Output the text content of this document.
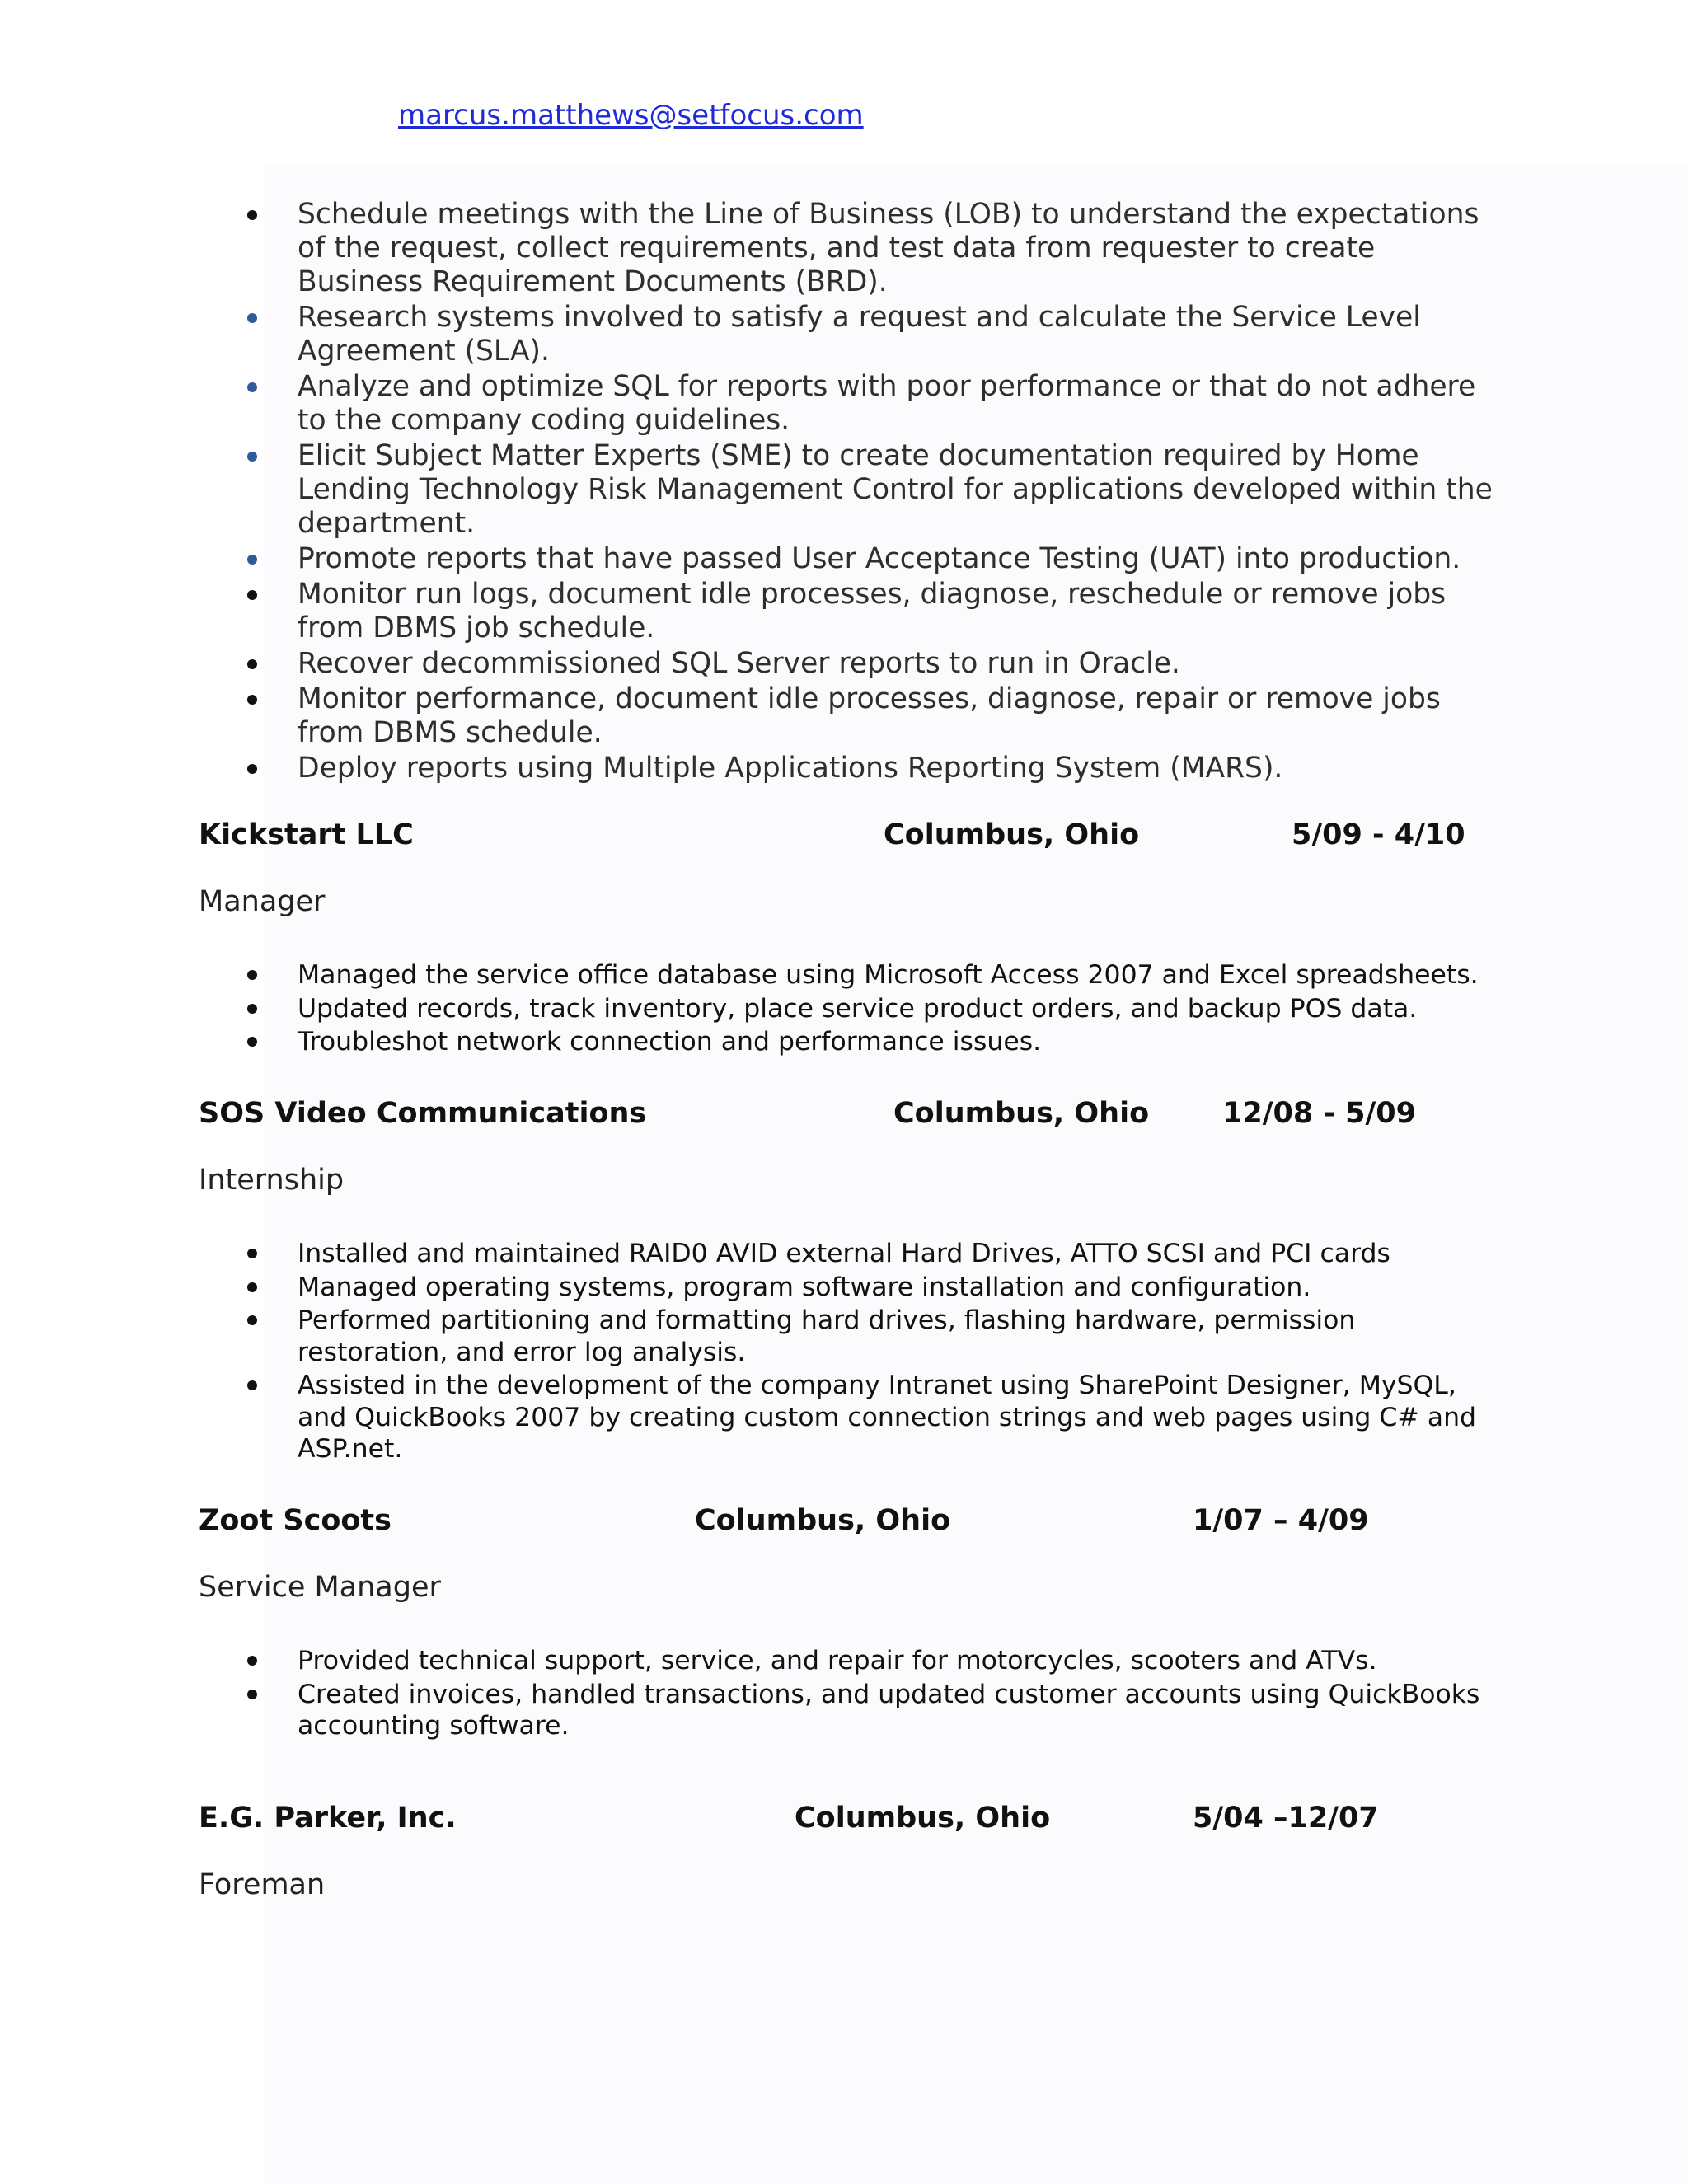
marcus.matthews@setfocus.com
Schedule meetings with the Line of Business (LOB) to understand the expectations of the request, collect requirements, and test data from requester to create Business Requirement Documents (BRD).
Research systems involved to satisfy a request and calculate the Service Level Agreement (SLA).
Analyze and optimize SQL for reports with poor performance or that do not adhere to the company coding guidelines.
Elicit Subject Matter Experts (SME) to create documentation required by Home Lending Technology Risk Management Control for applications developed within the department.
Promote reports that have passed User Acceptance Testing (UAT) into production.
Monitor run logs, document idle processes, diagnose, reschedule or remove jobs from DBMS job schedule.
Recover decommissioned SQL Server reports to run in Oracle.
Monitor performance, document idle processes, diagnose, repair or remove jobs from DBMS schedule.
Deploy reports using Multiple Applications Reporting System (MARS).
Kickstart LLC	Columbus, Ohio	5/09 - 4/10
Manager
Managed the service office database using Microsoft Access 2007 and Excel spreadsheets.
Updated records, track inventory, place service product orders, and backup POS data.
Troubleshot network connection and performance issues.
SOS Video Communications	Columbus, Ohio	12/08 - 5/09
Internship
Installed and maintained RAID0 AVID external Hard Drives, ATTO SCSI and PCI cards
Managed operating systems, program software installation and configuration.
Performed partitioning and formatting hard drives, flashing hardware, permission restoration, and error log analysis.
Assisted in the development of the company Intranet using SharePoint Designer, MySQL, and QuickBooks 2007 by creating custom connection strings and web pages using C# and ASP.net.
Zoot Scoots	Columbus, Ohio	1/07 – 4/09
Service Manager
Provided technical support, service, and repair for motorcycles, scooters and ATVs.
Created invoices, handled transactions, and updated customer accounts using QuickBooks accounting software.
E.G. Parker, Inc.	Columbus, Ohio	5/04 –12/07
Foreman
